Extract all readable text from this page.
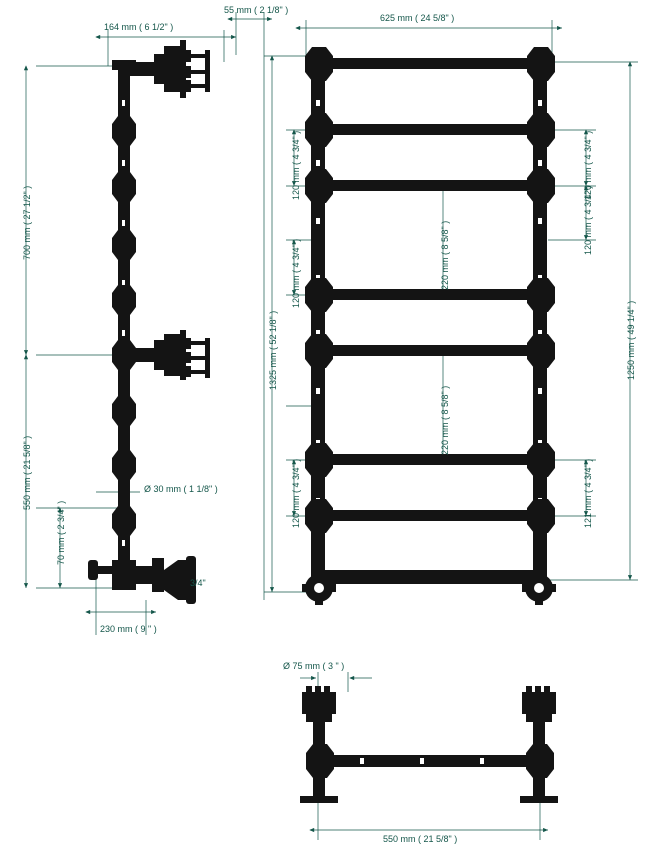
164 mm ( 6 1/2" )
55 mm ( 2 1/8" )
700 mm ( 27 1/2" )
550 mm ( 21 5/8" )
70 mm ( 2 3/4" )
230 mm ( 9 " )
Ø 30 mm ( 1 1/8" )
3/4"
625 mm ( 24 5/8" )
1325 mm ( 52 1/8" )	1250 mm ( 49 1/4" )
120 mm ( 4 3/4" )
120 mm ( 4 3/4" )
120 mm ( 4 3/4" )
220 mm ( 8 5/8" )
220 mm ( 8 5/8" )
120 mm ( 4 3/4" )
120 mm ( 4 3/4" )
121 mm ( 4 3/4" )
Ø 75 mm ( 3 " )
550 mm ( 21 5/8" )
